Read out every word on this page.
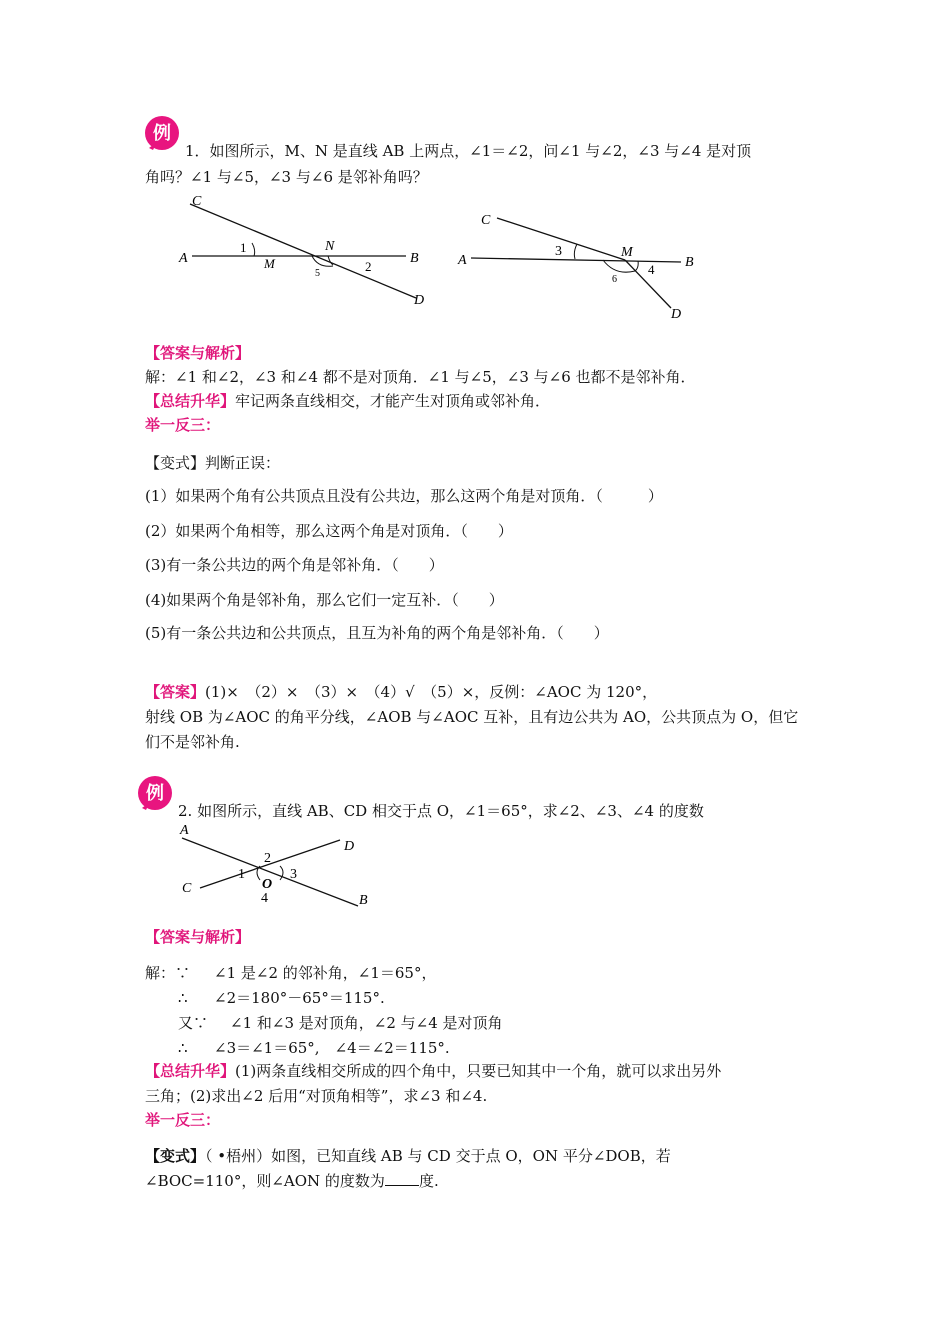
例
1．如图所示，M、N 是直线 AB 上两点，∠1＝∠2，问∠1 与∠2，∠3 与∠4 是对顶
角吗？∠1 与∠5，∠3 与∠6 是邻补角吗？
C
A	M
N
B
D
1
5	2
C
A
M
B
D
3
6
4
【答案与解析】
解：∠1 和∠2，∠3 和∠4 都不是对顶角．∠1 与∠5，∠3 与∠6 也都不是邻补角．
【总结升华】牢记两条直线相交，才能产生对顶角或邻补角．
举一反三：
【变式】判断正误：
(1）如果两个角有公共顶点且没有公共边，那么这两个角是对顶角．（　　　）
(2）如果两个角相等，那么这两个角是对顶角．（　　）
(3)有一条公共边的两个角是邻补角．（　　）
(4)如果两个角是邻补角，那么它们一定互补．（　　）
(5)有一条公共边和公共顶点，且互为补角的两个角是邻补角．（　　）
【答案】(1)×　（2）×　（3）×　（4）√　（5）×，反例：∠AOC 为 120°，
射线 OB 为∠AOC 的角平分线，∠AOB 与∠AOC 互补，且有边公共为 AO，公共顶点为 O，但它
们不是邻补角.
例
2. 如图所示，直线 AB、CD 相交于点 O，∠1＝65°，求∠2、∠3、∠4 的度数
A
D
C
B
O
1
2
3
4
【答案与解析】
解：∵ ∠1 是∠2 的邻补角，∠1＝65°，
∴ ∠2＝180°－65°＝115°.
又∵ ∠1 和∠3 是对顶角，∠2 与∠4 是对顶角
∴ ∠3＝∠1＝65°,　∠4＝∠2＝115°.
【总结升华】(1)两条直线相交所成的四个角中，只要已知其中一个角，就可以求出另外
三角；(2)求出∠2 后用“对顶角相等”，求∠3 和∠4.
举一反三：
【变式】（ •梧州）如图，已知直线 AB 与 CD 交于点 O，ON 平分∠DOB，若
∠BOC=110°，则∠AON 的度数为 度.
